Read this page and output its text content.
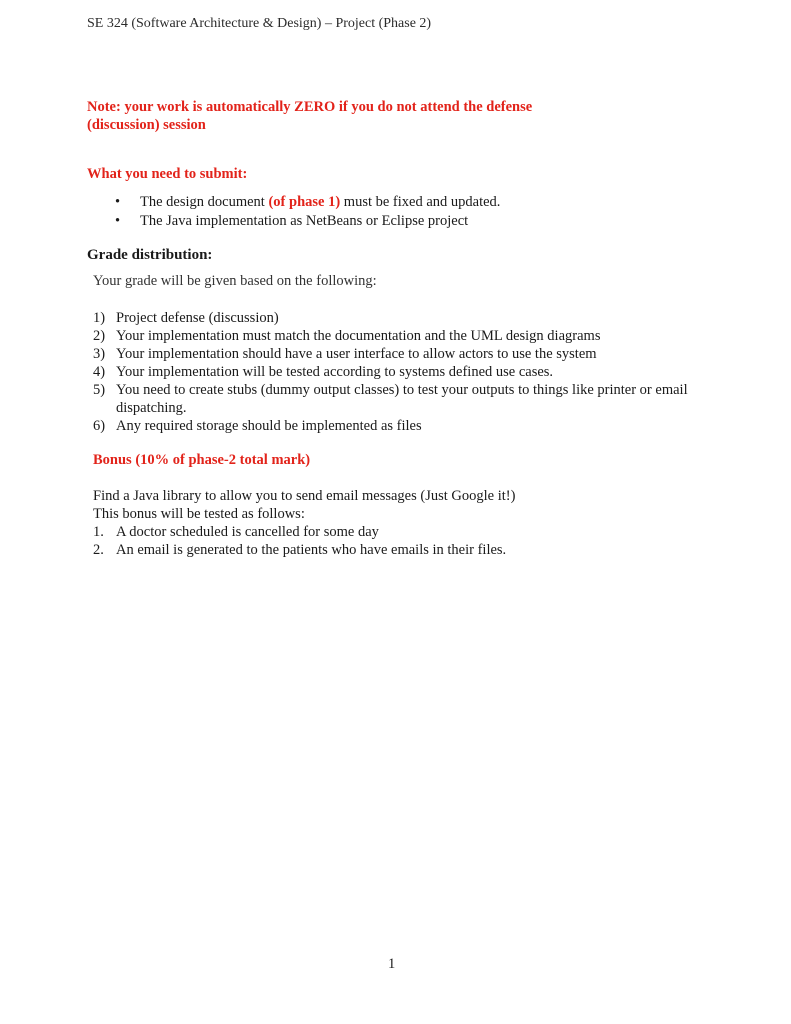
SE 324 (Software Architecture & Design) – Project (Phase 2)
Note: your work is automatically ZERO if you do not attend the defense (discussion) session
What you need to submit:
•	The design document (of phase 1) must be fixed and updated.
•	The Java implementation as NetBeans or Eclipse project
Grade distribution:
Your grade will be given based on the following:
1) Project defense (discussion)
2) Your implementation must match the documentation and the UML design diagrams
3) Your implementation should have a user interface to allow actors to use the system
4) Your implementation will be tested according to systems defined use cases.
5) You need to create stubs (dummy output classes) to test your outputs to things like printer or email dispatching.
6) Any required storage should be implemented as files
Bonus (10% of phase-2 total mark)
Find a Java library to allow you to send email messages (Just Google it!)
This bonus will be tested as follows:
1. A doctor scheduled is cancelled for some day
2. An email is generated to the patients who have emails in their files.
1
